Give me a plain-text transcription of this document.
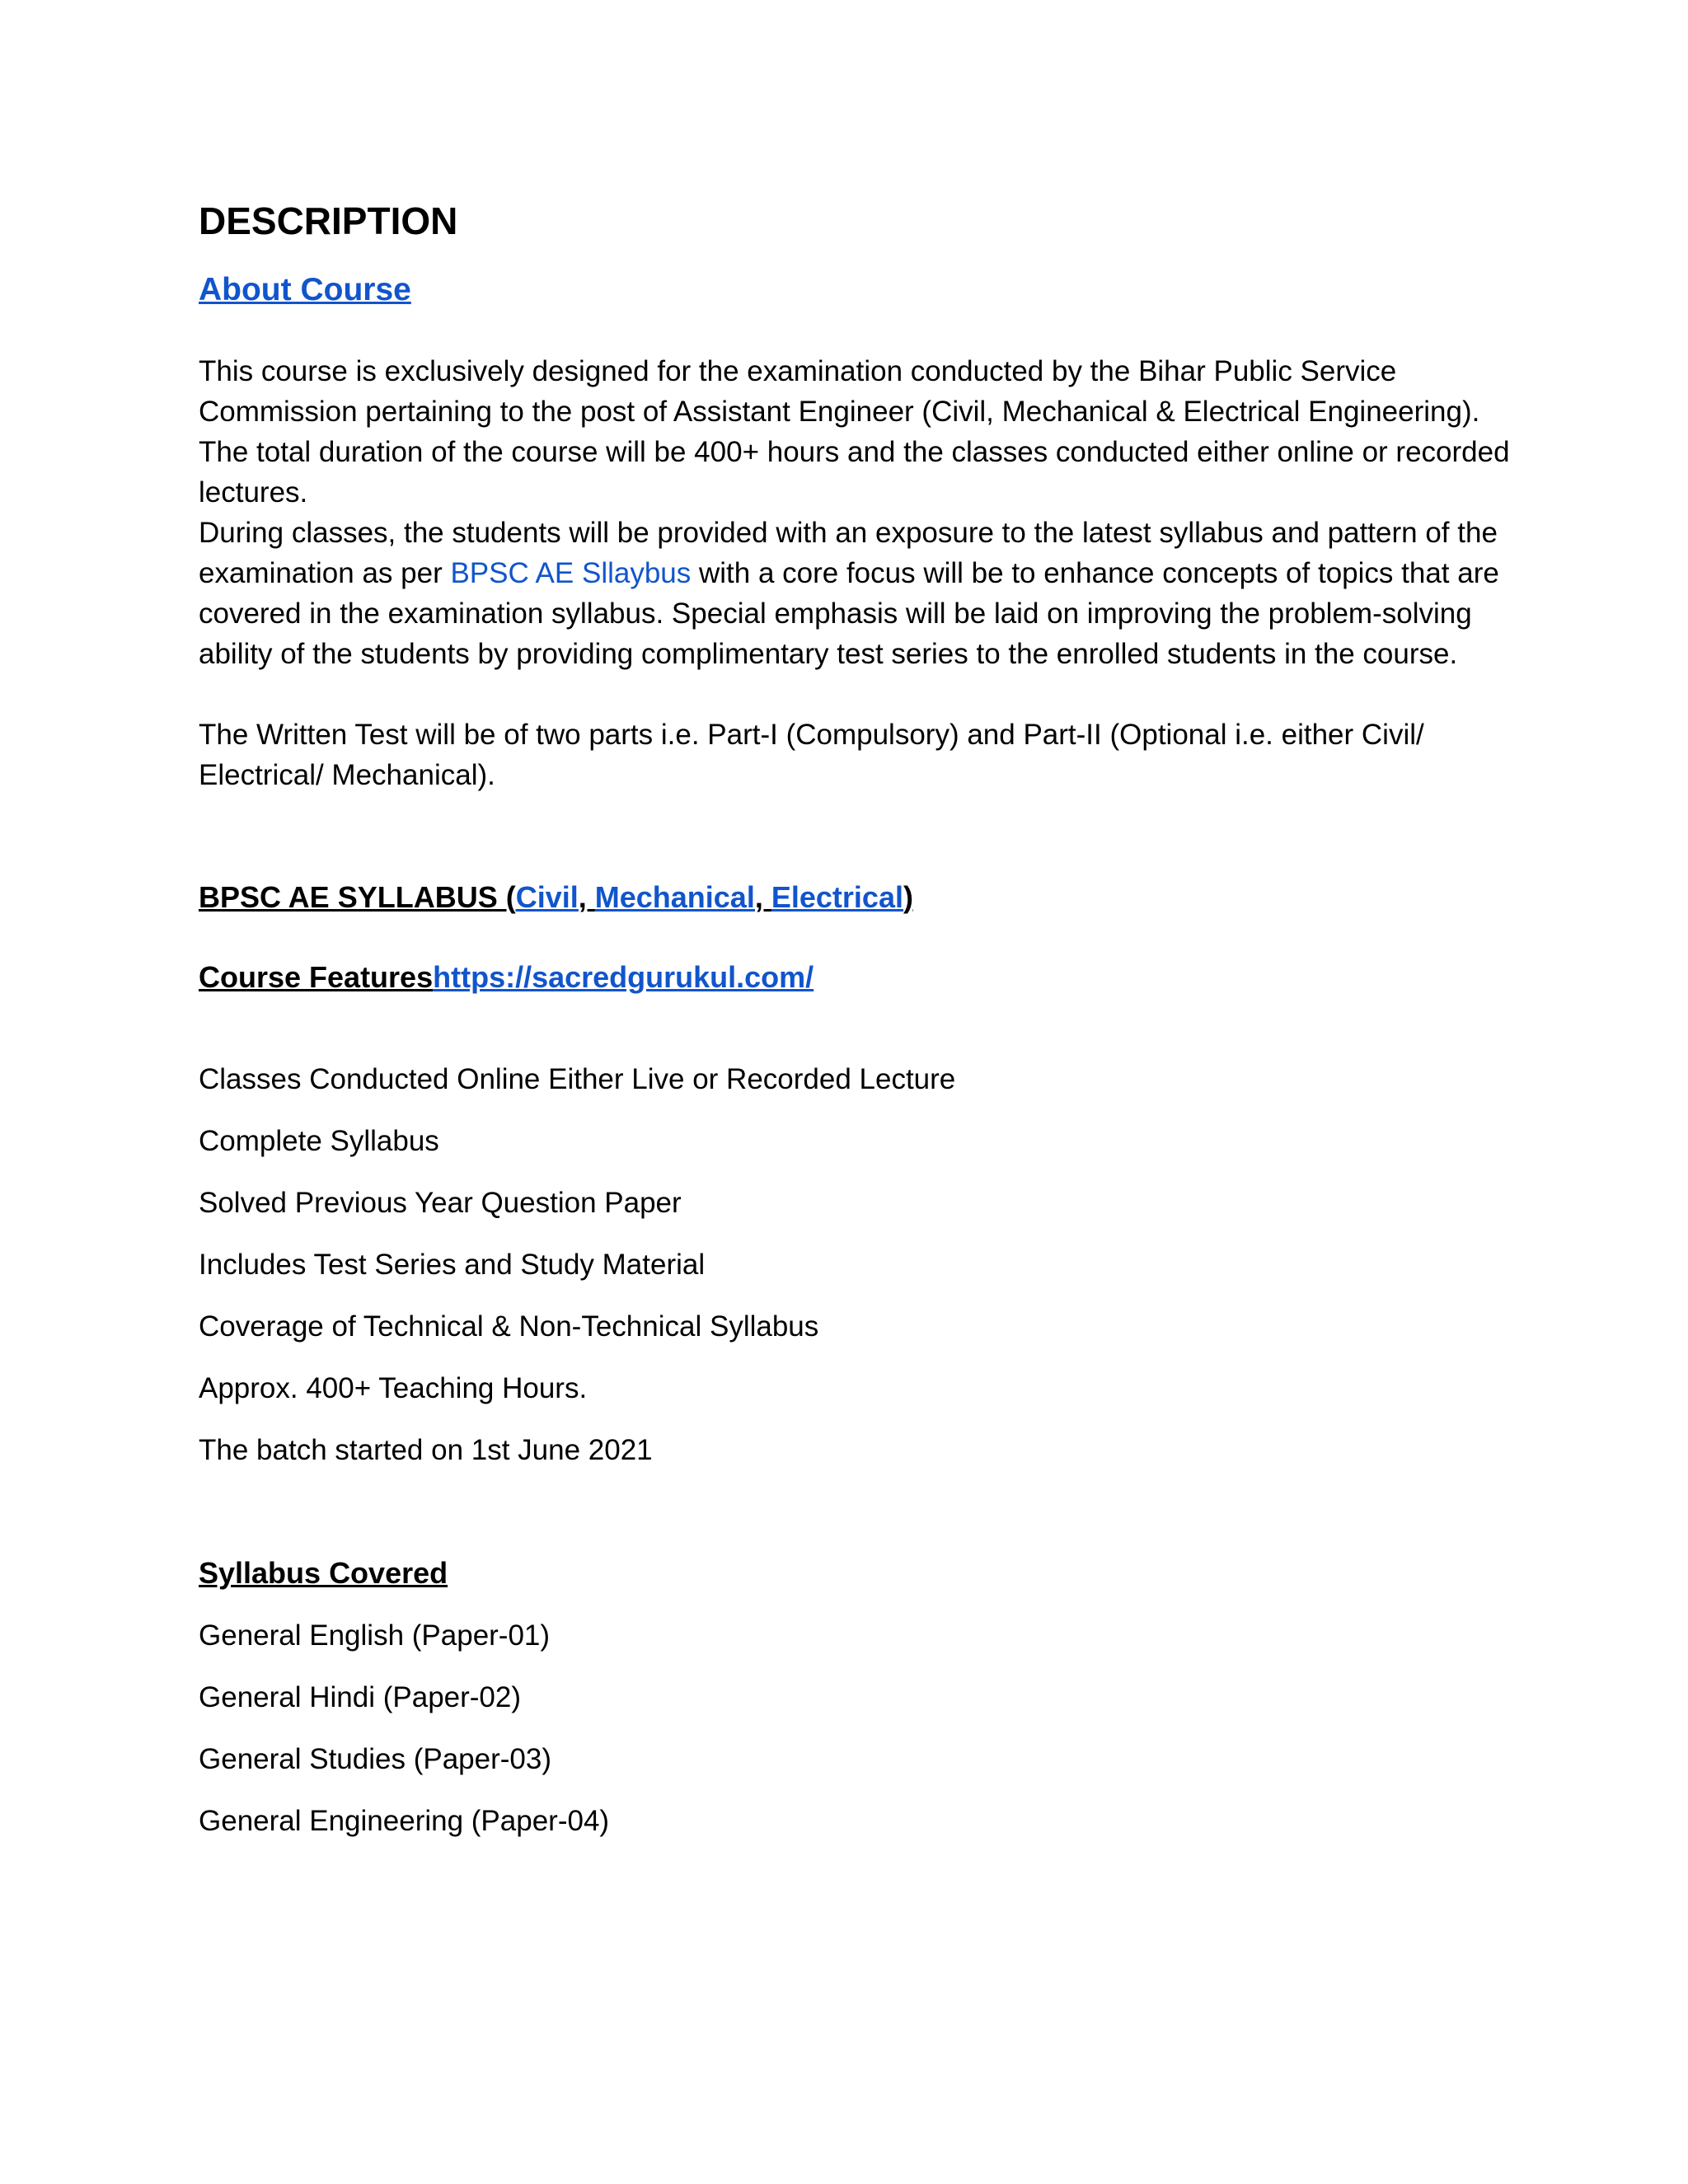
DESCRIPTION
About Course

This course is exclusively designed for the examination conducted by the Bihar Public Service Commission pertaining to the post of Assistant Engineer (Civil, Mechanical & Electrical Engineering). The total duration of the course will be 400+ hours and the classes conducted either online or recorded lectures.
During classes, the students will be provided with an exposure to the latest syllabus and pattern of the examination as per BPSC AE Sllaybus with a core focus will be to enhance concepts of topics that are covered in the examination syllabus. Special emphasis will be laid on improving the problem-solving ability of the students by providing complimentary test series to the enrolled students in the course.

The Written Test will be of two parts i.e. Part-I (Compulsory) and Part-II (Optional i.e. either Civil/ Electrical/ Mechanical).

BPSC AE SYLLABUS (Civil, Mechanical, Electrical)
Course Featureshttps://sacredgurukul.com/
Classes Conducted Online Either Live or Recorded Lecture
Complete Syllabus
Solved Previous Year Question Paper
Includes Test Series and Study Material
Coverage of Technical & Non-Technical Syllabus
Approx. 400+ Teaching Hours.
The batch started on 1st June 2021
Syllabus Covered
General English (Paper-01)
General Hindi (Paper-02)
General Studies (Paper-03)
General Engineering (Paper-04)
